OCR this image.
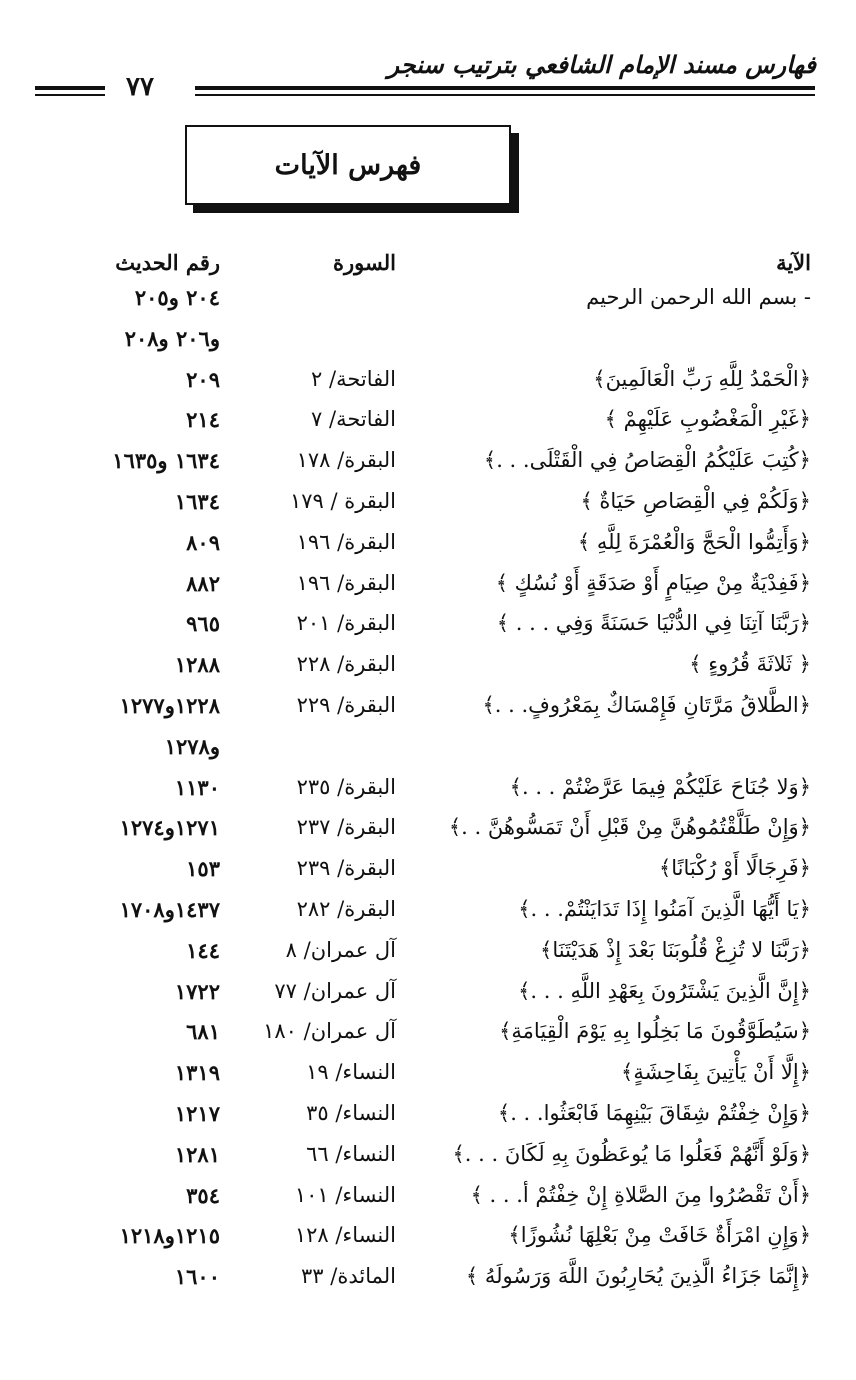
فهارس مسند الإمام الشافعي بترتيب سنجر
٧٧
فهرس الآيات
الآية
السورة
رقم الحديث
- بسم الله الرحمن الرحيم
٢٠٤ و٢٠٥
و٢٠٦ و٢٠٨
﴿الْحَمْدُ لِلَّهِ رَبِّ الْعَالَمِينَ﴾
الفاتحة/ ٢
٢٠٩
﴿غَيْرِ الْمَغْضُوبِ عَلَيْهِمْ ﴾
الفاتحة/ ٧
٢١٤
﴿كُتِبَ عَلَيْكُمُ الْقِصَاصُ فِي الْقَتْلَى. . .﴾
البقرة/ ١٧٨
١٦٣٤ و١٦٣٥
﴿وَلَكُمْ فِي الْقِصَاصِ حَيَاةٌ ﴾
البقرة / ١٧٩
١٦٣٤
﴿وَأَتِمُّوا الْحَجَّ وَالْعُمْرَةَ لِلَّهِ ﴾
البقرة/ ١٩٦
٨٠٩
﴿فَفِدْيَةٌ مِنْ صِيَامٍ أَوْ صَدَقَةٍ أَوْ نُسُكٍ ﴾
البقرة/ ١٩٦
٨٨٢
﴿رَبَّنَا آتِنَا فِي الدُّنْيَا حَسَنَةً وَفِي . . . ﴾
البقرة/ ٢٠١
٩٦٥
﴿ ثَلاثَةَ قُرُوءٍ ﴾
البقرة/ ٢٢٨
١٢٨٨
﴿الطَّلاقُ مَرَّتَانِ فَإِمْسَاكٌ بِمَعْرُوفٍ. . .﴾
البقرة/ ٢٢٩
١٢٢٨و١٢٧٧
و١٢٧٨
﴿وَلا جُنَاحَ عَلَيْكُمْ فِيمَا عَرَّضْتُمْ . . .﴾
البقرة/ ٢٣٥
١١٣٠
﴿وَإِنْ طَلَّقْتُمُوهُنَّ مِنْ قَبْلِ أَنْ تَمَسُّوهُنَّ . .﴾
البقرة/ ٢٣٧
١٢٧١و١٢٧٤
﴿فَرِجَالًا أَوْ رُكْبَانًا﴾
البقرة/ ٢٣٩
١٥٣
﴿يَا أَيُّهَا الَّذِينَ آمَنُوا إِذَا تَدَايَنْتُمْ. . .﴾
البقرة/ ٢٨٢
١٤٣٧و١٧٠٨
﴿رَبَّنَا لا تُزِغْ قُلُوبَنَا بَعْدَ إِذْ هَدَيْتَنَا﴾
آل عمران/ ٨
١٤٤
﴿إِنَّ الَّذِينَ يَشْتَرُونَ بِعَهْدِ اللَّهِ . . .﴾
آل عمران/ ٧٧
١٧٢٢
﴿سَيُطَوَّقُونَ مَا بَخِلُوا بِهِ يَوْمَ الْقِيَامَةِ﴾
آل عمران/ ١٨٠
٦٨١
﴿إِلَّا أَنْ يَأْتِينَ بِفَاحِشَةٍ﴾
النساء/ ١٩
١٣١٩
﴿وَإِنْ خِفْتُمْ شِقَاقَ بَيْنِهِمَا فَابْعَثُوا. . .﴾
النساء/ ٣٥
١٢١٧
﴿وَلَوْ أَنَّهُمْ فَعَلُوا مَا يُوعَظُونَ بِهِ لَكَانَ . . .﴾
النساء/ ٦٦
١٢٨١
﴿أَنْ تَقْصُرُوا مِنَ الصَّلاةِ إِنْ خِفْتُمْ أ. . . ﴾
النساء/ ١٠١
٣٥٤
﴿وَإِنِ امْرَأَةٌ خَافَتْ مِنْ بَعْلِهَا نُشُوزًا﴾
النساء/ ١٢٨
١٢١٥و١٢١٨
﴿إِنَّمَا جَزَاءُ الَّذِينَ يُحَارِبُونَ اللَّهَ وَرَسُولَهُ ﴾
المائدة/ ٣٣
١٦٠٠
